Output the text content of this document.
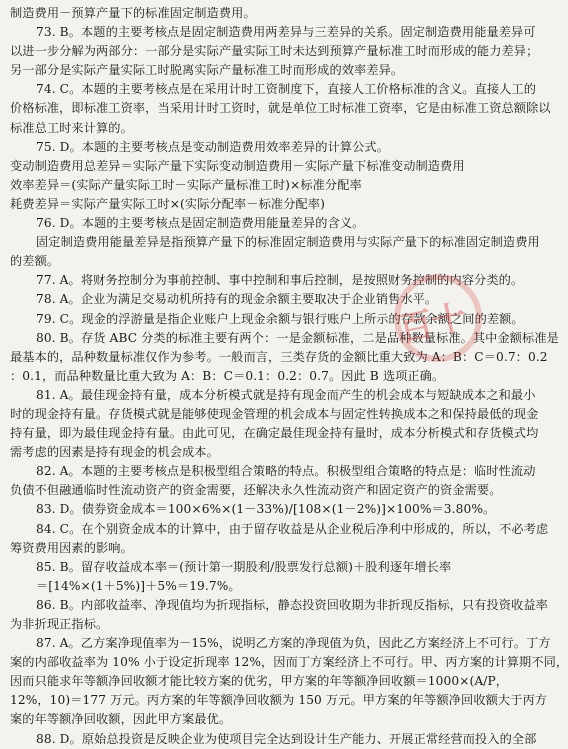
制造费用－预算产量下的标准固定制造费用。
73. B。本题的主要考核点是固定制造费用两差异与三差异的关系。固定制造费用能量差异可
以进一步分解为两部分：一部分是实际产量实际工时未达到预算产量标准工时而形成的能力差异；
另一部分是实际产量实际工时脱离实际产量标准工时而形成的效率差异。
74. C。本题的主要考核点是在采用计时工资制度下，直接人工价格标准的含义。直接人工的
价格标准，即标准工资率，当采用计时工资时，就是单位工时标准工资率，它是由标准工资总额除以
标准总工时来计算的。
75. D。本题的主要考核点是变动制造费用效率差异的计算公式。
变动制造费用总差异＝实际产量下实际变动制造费用－实际产量下标准变动制造费用
效率差异＝(实际产量实际工时－实际产量标准工时)×标准分配率
耗费差异＝实际产量实际工时×(实际分配率－标准分配率)
76. D。本题的主要考核点是固定制造费用能量差异的含义。
固定制造费用能量差异是指预算产量下的标准固定制造费用与实际产量下的标准固定制造费用
的差额。
77. A。将财务控制分为事前控制、事中控制和事后控制，是按照财务控制的内容分类的。
78. A。企业为满足交易动机所持有的现金余额主要取决于企业销售水平。
79. C。现金的浮游量是指企业账户上现金余额与银行账户上所示的存款余额之间的差额。
80. B。存货 ABC 分类的标准主要有两个：一是金额标准，二是品种数量标准。其中金额标准是
最基本的，品种数量标准仅作为参考。一般而言，三类存货的金额比重大致为 A：B：C＝0.7：0.2
：0.1，而品种数量比重大致为 A：B：C＝0.1：0.2：0.7。因此 B 选项正确。
81. A。最佳现金持有量，成本分析模式就是持有现金而产生的机会成本与短缺成本之和最小
时的现金持有量。存货模式就是能够使现金管理的机会成本与固定性转换成本之和保持最低的现金
持有量，即为最佳现金持有量。由此可见，在确定最佳现金持有量时，成本分析模式和存货模式均
需考虑的因素是持有现金的机会成本。
82. A。本题的主要考核点是积极型组合策略的特点。积极型组合策略的特点是：临时性流动
负债不但融通临时性流动资产的资金需要，还解决永久性流动资产和固定资产的资金需要。
83. D。债券资金成本＝100×6%×(1－33%)/[108×(1－2%)]×100%＝3.80%。
84. C。在个别资金成本的计算中，由于留存收益是从企业税后净利中形成的，所以，不必考虑
筹资费用因素的影响。
85. B。留存收益成本率＝(预计第一期股利/股票发行总额)＋股利逐年增长率
＝[14%×(1＋5%)]＋5%＝19.7%。
86. B。内部收益率、净现值均为折现指标，静态投资回收期为非折现反指标，只有投资收益率
为非折现正指标。
87. A。乙方案净现值率为－15%，说明乙方案的净现值为负，因此乙方案经济上不可行。丁方
案的内部收益率为 10% 小于设定折现率 12%，因而丁方案经济上不可行。甲、丙方案的计算期不同，
因而只能求年等额净回收额才能比较方案的优劣，甲方案的年等额净回收额＝1000×(A/P，
12%，10)＝177 万元。丙方案的年等额净回收额为 150 万元。甲方案的年等额净回收额大于丙方
案的年等额净回收额，因此甲方案最优。
88. D。原始总投资是反映企业为使项目完全达到设计生产能力、开展正常经营而投入的全部
百十
